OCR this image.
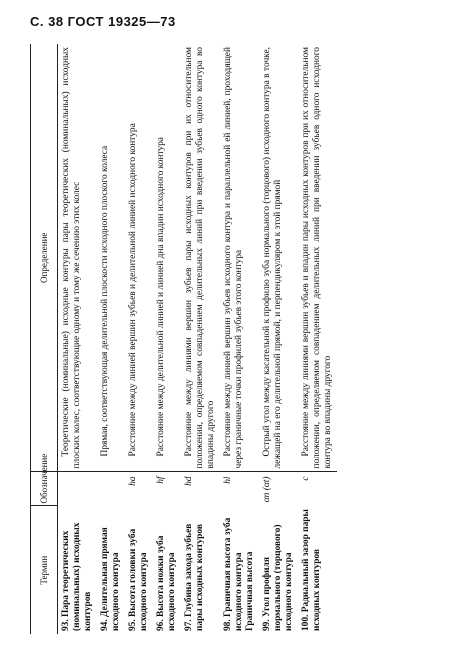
С. 38 ГОСТ 19325—73
Термин	Обозначение	Определение
93. Пара теоретических (номинальных) исходных контуров		Теоретические (номинальные) исходные контуры пары теоретических (номинальных) исходных плоских колес, соответствующие одному и тому же сечению этих колес
94. Делительная прямая исходного контура		Прямая, соответствующая делительной плоскости исходного плоского колеса
95. Высота головки зуба исходного контура	ha	Расстояние между линией вершин зубьев и делительной линией исходного контура
96. Высота ножки зуба исходного контура	hf	Расстояние между делительной линией и линией дна впадин исходного контура
97. Глубина захода зубьев пары исходных контуров	hd	Расстояние между линиями вершин зубьев пары исходных контуров при их относительном положении, определяемом совпадением делительных линий при введении зубьев одного контура во впадины другого
98. Граничная высота зуба исходного контура Граничная высота	hl	Расстояние между линией вершин зубьев исходного контура и параллельной ей линией, проходящей через граничные точки профилей зубьев этого контура
99. Угол профиля нормального (торцового) исходного контура	αn (αt)	Острый угол между касательной к профилю зуба нормального (торцового) исходного контура в точке, лежащей на его делительной прямой, и перпендикуляром к этой прямой
100. Радиальный зазор пары исходных контуров	c	Расстояние между линиями вершин зубьев и впадин пары исходных контуров при их относительном положении, определяемом совпадением делительных линий при введении зубьев одного исходного контура во впадины другого
